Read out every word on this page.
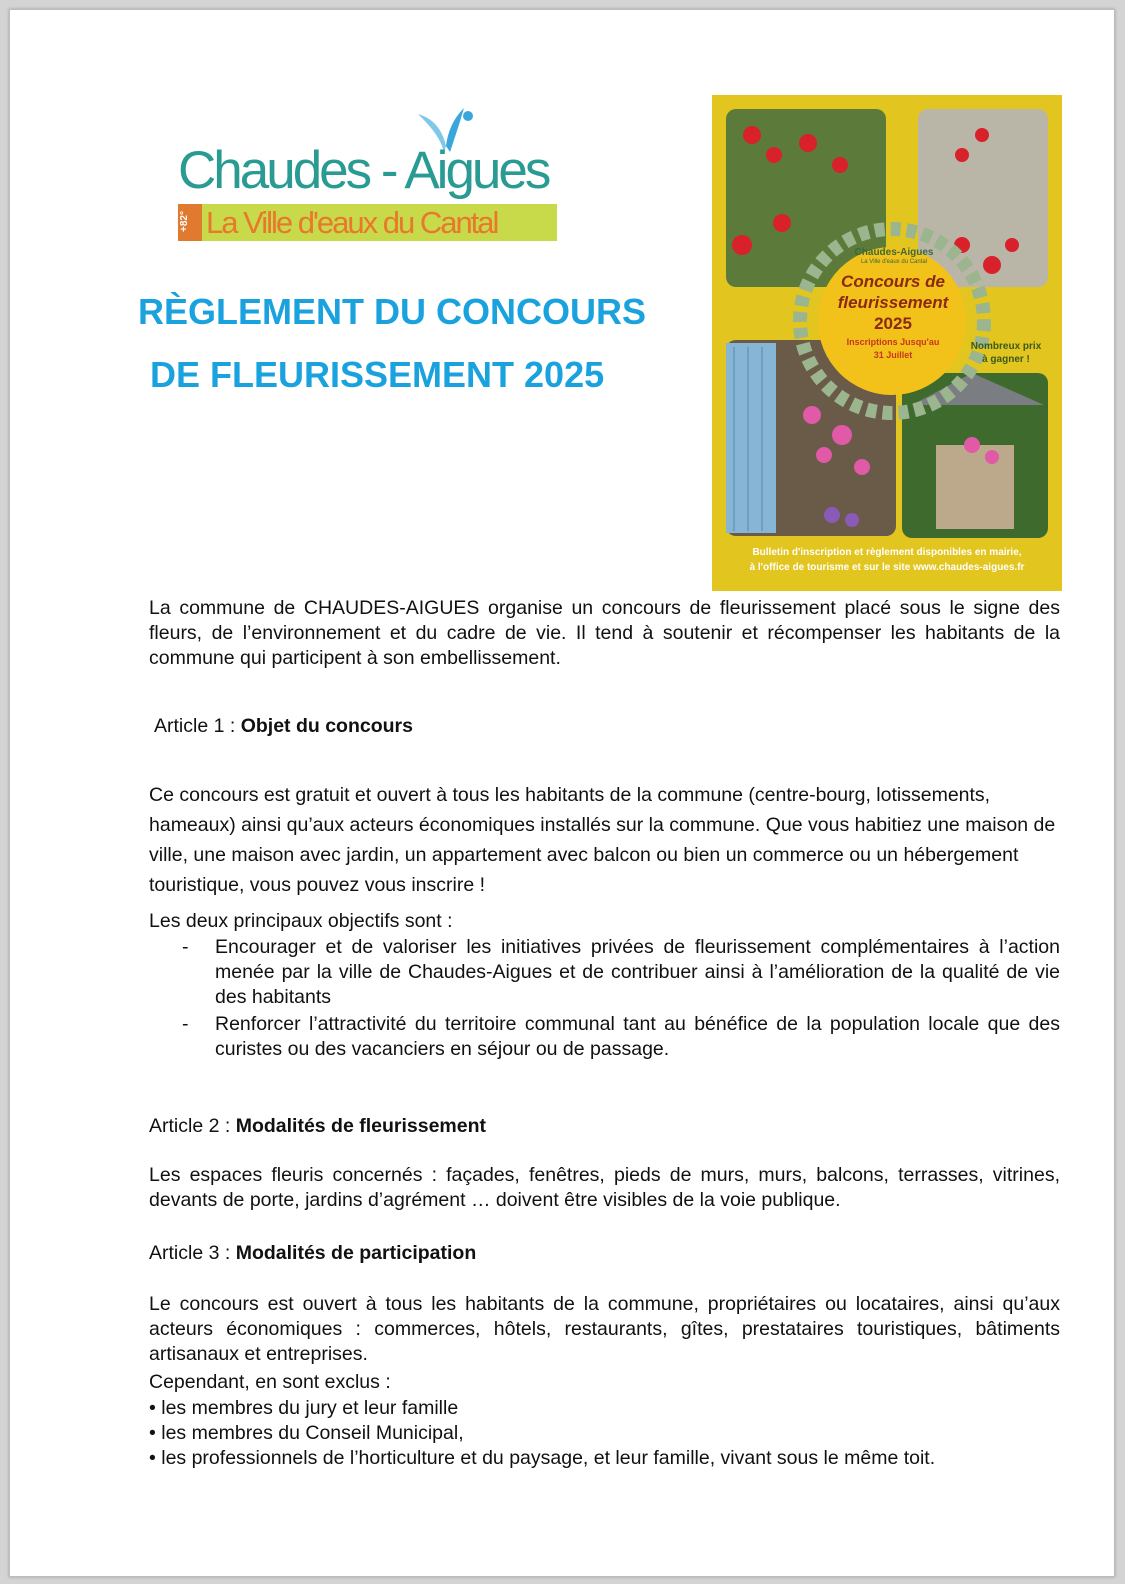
Chaudes - Aigues
+82° La Ville d'eaux du Cantal
RÈGLEMENT DU CONCOURS
DE FLEURISSEMENT 2025
Chaudes-Aigues
La Ville d'eaux du Cantal
Concours de
fleurissement
2025
Inscriptions Jusqu'au
31 Juillet
Nombreux prix
à gagner !
Bulletin d'inscription et règlement disponibles en mairie,
à l'office de tourisme et sur le site www.chaudes-aigues.fr
La commune de CHAUDES-AIGUES organise un concours de fleurissement placé sous le signe des fleurs, de l’environnement et du cadre de vie. Il tend à soutenir et récompenser les habitants de la commune qui participent à son embellissement.
Article 1 : Objet du concours
Ce concours est gratuit et ouvert à tous les habitants de la commune (centre-bourg, lotissements, hameaux) ainsi qu’aux acteurs économiques installés sur la commune. Que vous habitiez une maison de ville, une maison avec jardin, un appartement avec balcon ou bien un commerce ou un hébergement touristique, vous pouvez vous inscrire !
Les deux principaux objectifs sont :
- Encourager et de valoriser les initiatives privées de fleurissement complémentaires à l’action menée par la ville de Chaudes-Aigues et de contribuer ainsi à l’amélioration de la qualité de vie des habitants
- Renforcer l’attractivité du territoire communal tant au bénéfice de la population locale que des curistes ou des vacanciers en séjour ou de passage.
Article 2 : Modalités de fleurissement
Les espaces fleuris concernés : façades, fenêtres, pieds de murs, murs, balcons, terrasses, vitrines, devants de porte, jardins d’agrément … doivent être visibles de la voie publique.
Article 3 : Modalités de participation
Le concours est ouvert à tous les habitants de la commune, propriétaires ou locataires, ainsi qu’aux acteurs économiques : commerces, hôtels, restaurants, gîtes, prestataires touristiques, bâtiments artisanaux et entreprises.
Cependant, en sont exclus :
• les membres du jury et leur famille
• les membres du Conseil Municipal,
• les professionnels de l’horticulture et du paysage, et leur famille, vivant sous le même toit.
